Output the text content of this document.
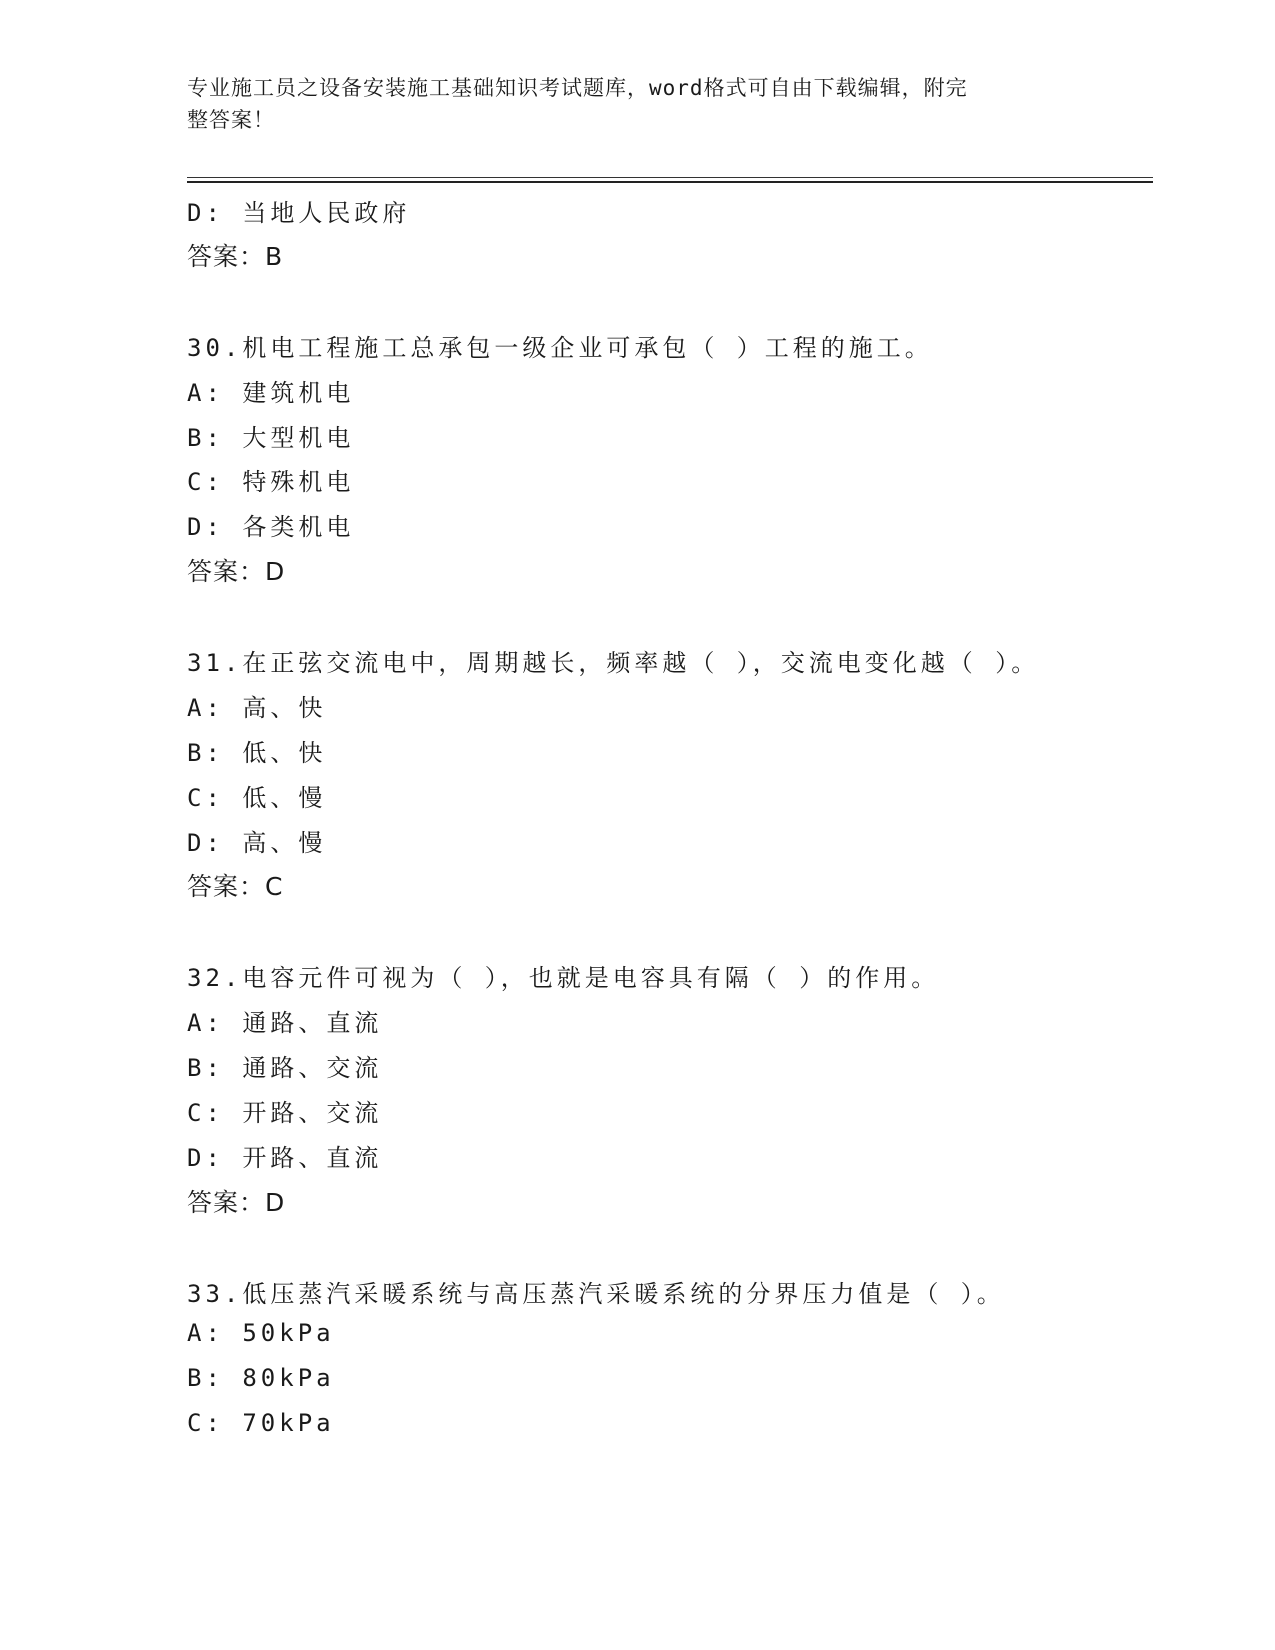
专业施工员之设备安装施工基础知识考试题库，word格式可自由下载编辑，附完
整答案！
D: 当地人民政府
答案：B
30.机电工程施工总承包一级企业可承包（ ）工程的施工。
A: 建筑机电
B: 大型机电
C: 特殊机电
D: 各类机电
答案：D
31.在正弦交流电中，周期越长，频率越（ ），交流电变化越（ ）。
A: 高、快
B: 低、快
C: 低、慢
D: 高、慢
答案：C
32.电容元件可视为（ ），也就是电容具有隔（ ）的作用。
A: 通路、直流
B: 通路、交流
C: 开路、交流
D: 开路、直流
答案：D
33.低压蒸汽采暖系统与高压蒸汽采暖系统的分界压力值是（ ）。
A: 50kPa
B: 80kPa
C: 70kPa
